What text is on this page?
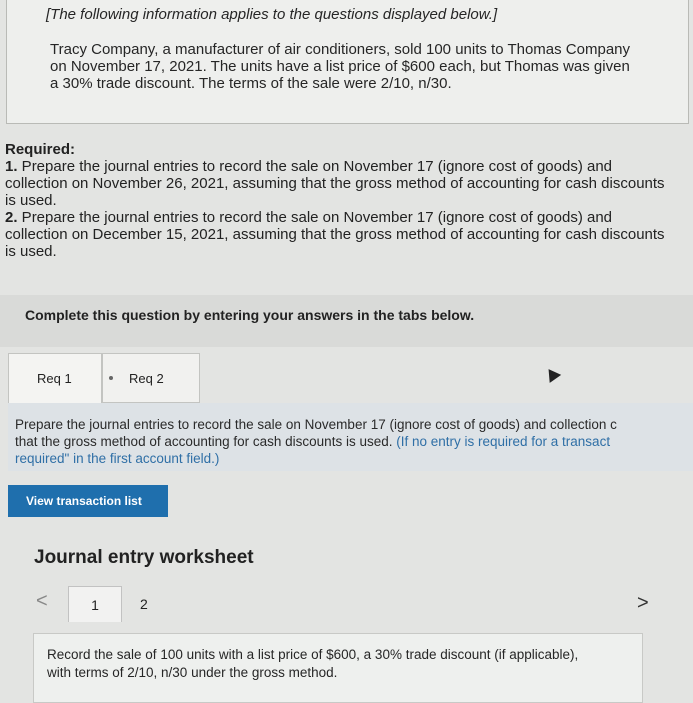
[The following information applies to the questions displayed below.]
Tracy Company, a manufacturer of air conditioners, sold 100 units to Thomas Company on November 17, 2021. The units have a list price of $600 each, but Thomas was given a 30% trade discount. The terms of the sale were 2/10, n/30.

Required:

1. Prepare the journal entries to record the sale on November 17 (ignore cost of goods) and collection on November 26, 2021, assuming that the gross method of accounting for cash discounts is used.

2. Prepare the journal entries to record the sale on November 17 (ignore cost of goods) and collection on December 15, 2021, assuming that the gross method of accounting for cash discounts is used.

Complete this question by entering your answers in the tabs below.
Req 1	Req 2
Prepare the journal entries to record the sale on November 17 (ignore cost of goods) and collection c
that the gross method of accounting for cash discounts is used. (If no entry is required for a transact
required" in the first account field.)
View transaction list
Journal entry worksheet
<	1	2	>
Record the sale of 100 units with a list price of $600, a 30% trade discount (if applicable), with terms of 2/10, n/30 under the gross method.
